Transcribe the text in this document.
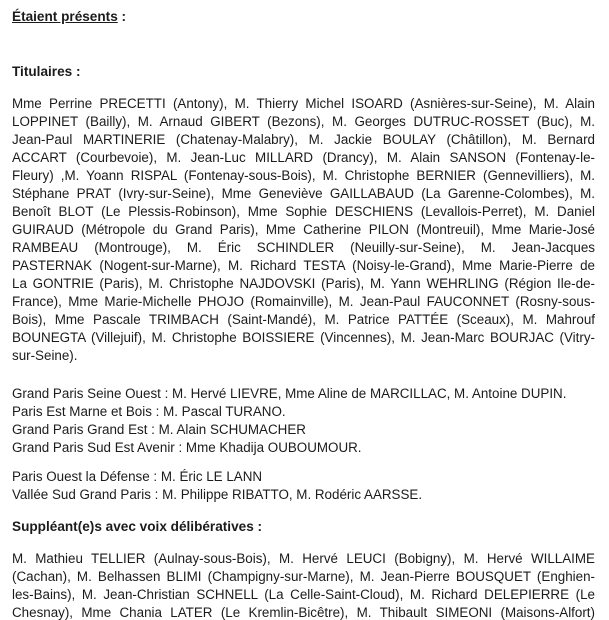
Étaient présents :
Titulaires :
Mme Perrine PRECETTI (Antony), M. Thierry Michel ISOARD (Asnières-sur-Seine), M. Alain
LOPPINET (Bailly), M. Arnaud GIBERT (Bezons), M. Georges DUTRUC-ROSSET (Buc), M.
Jean-Paul MARTINERIE (Chatenay-Malabry), M. Jackie BOULAY (Châtillon), M. Bernard
ACCART (Courbevoie), M. Jean-Luc MILLARD (Drancy), M. Alain SANSON (Fontenay-le-
Fleury) ,M. Yoann RISPAL (Fontenay-sous-Bois), M. Christophe BERNIER (Gennevilliers), M.
Stéphane PRAT (Ivry-sur-Seine), Mme Geneviève GAILLABAUD (La Garenne-Colombes), M.
Benoît BLOT (Le Plessis-Robinson), Mme Sophie DESCHIENS (Levallois-Perret), M. Daniel
GUIRAUD (Métropole du Grand Paris), Mme Catherine PILON (Montreuil), Mme Marie-José
RAMBEAU (Montrouge), M. Éric SCHINDLER (Neuilly-sur-Seine), M. Jean-Jacques
PASTERNAK (Nogent-sur-Marne), M. Richard TESTA (Noisy-le-Grand), Mme Marie-Pierre de
La GONTRIE (Paris), M. Christophe NAJDOVSKI (Paris), M. Yann WEHRLING (Région Ile-de-
France), Mme Marie-Michelle PHOJO (Romainville), M. Jean-Paul FAUCONNET (Rosny-sous-
Bois), Mme Pascale TRIMBACH (Saint-Mandé), M. Patrice PATTÉE (Sceaux), M. Mahrouf
BOUNEGTA (Villejuif), M. Christophe BOISSIERE (Vincennes), M. Jean-Marc BOURJAC (Vitry-
sur-Seine).
Grand Paris Seine Ouest : M. Hervé LIEVRE, Mme Aline de MARCILLAC, M. Antoine DUPIN.
Paris Est Marne et Bois : M. Pascal TURANO.
Grand Paris Grand Est : M. Alain SCHUMACHER
Grand Paris Sud Est Avenir : Mme Khadija OUBOUMOUR.
Paris Ouest la Défense : M. Éric LE LANN
Vallée Sud Grand Paris : M. Philippe RIBATTO, M. Rodéric AARSSE.
Suppléant(e)s avec voix délibératives :
M. Mathieu TELLIER (Aulnay-sous-Bois), M. Hervé LEUCI (Bobigny), M. Hervé WILLAIME
(Cachan), M. Belhassen BLIMI (Champigny-sur-Marne), M. Jean-Pierre BOUSQUET (Enghien-
les-Bains), M. Jean-Christian SCHNELL (La Celle-Saint-Cloud), M. Richard DELEPIERRE (Le
Chesnay), Mme Chania LATER (Le Kremlin-Bicêtre), M. Thibault SIMEONI (Maisons-Alfort)
